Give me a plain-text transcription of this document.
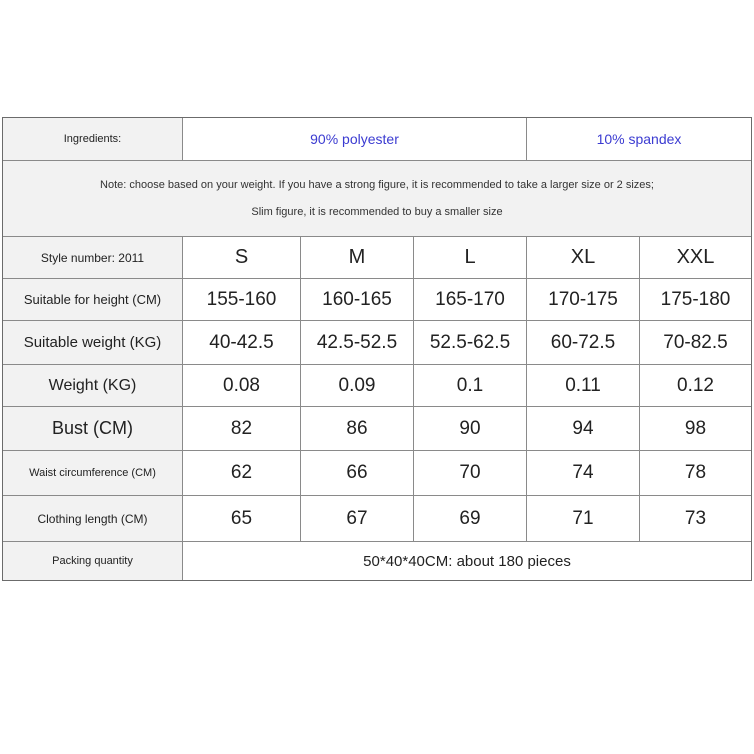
Ingredients:	90% polyester	10% spandex
Note: choose based on your weight. If you have a strong figure, it is recommended to take a larger size or 2 sizes;
Slim figure, it is recommended to buy a smaller size
Style number: 2011	S	M	L	XL	XXL
Suitable for height (CM)	155-160	160-165	165-170	170-175	175-180
Suitable weight (KG)	40-42.5	42.5-52.5	52.5-62.5	60-72.5	70-82.5
Weight (KG)	0.08	0.09	0.1	0.11	0.12
Bust (CM)	82	86	90	94	98
Waist circumference (CM)	62	66	70	74	78
Clothing length (CM)	65	67	69	71	73
Packing quantity	50*40*40CM: about 180 pieces
